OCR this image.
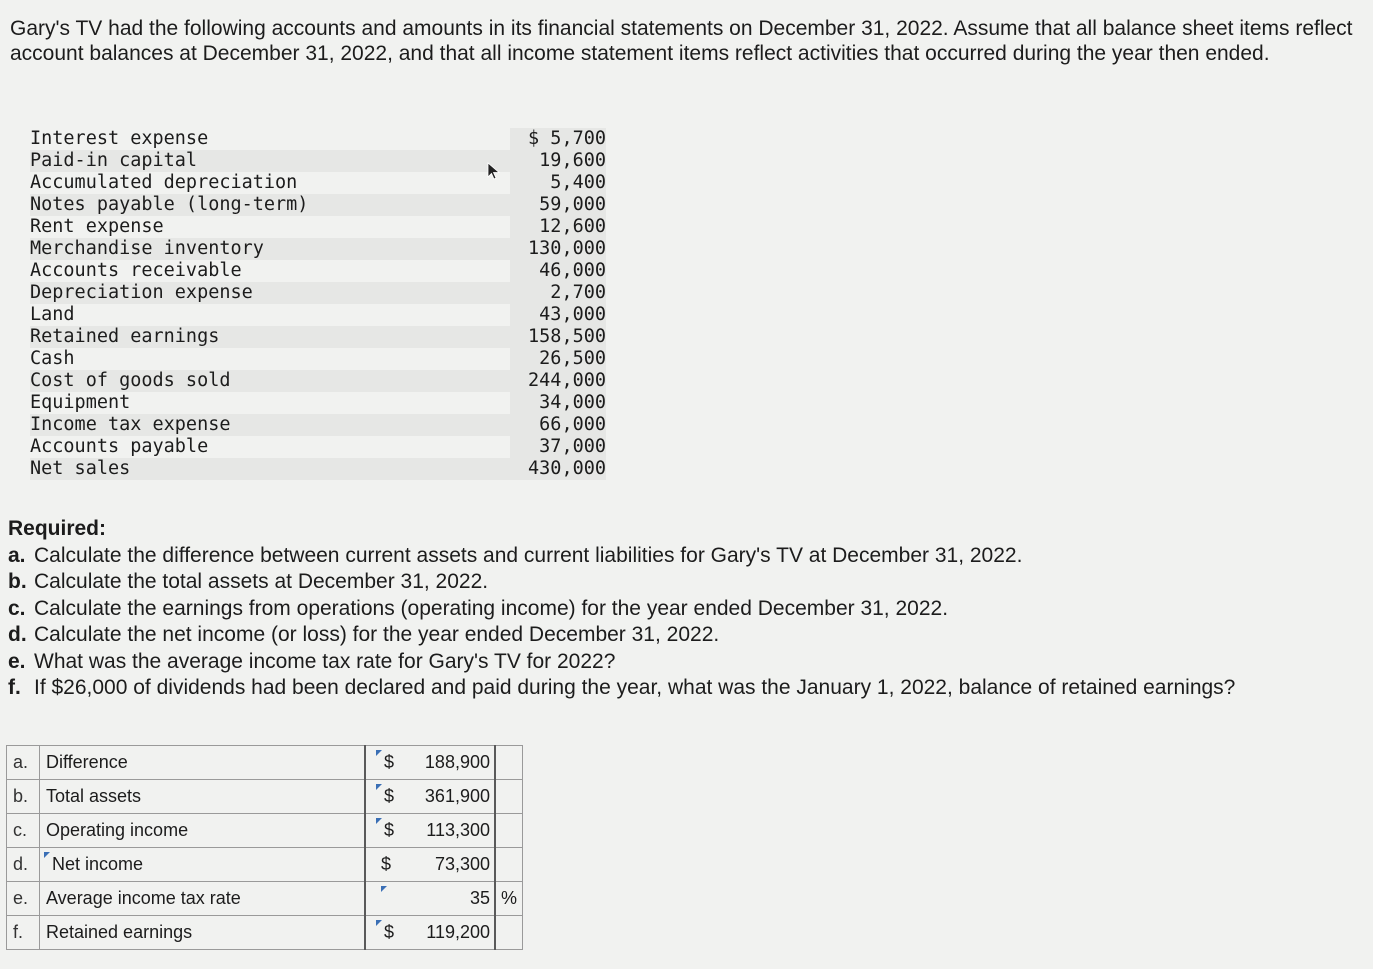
Gary's TV had the following accounts and amounts in its financial statements on December 31, 2022. Assume that all balance sheet items reflect account balances at December 31, 2022, and that all income statement items reflect activities that occurred during the year then ended.

Interest expense	$ 5,700
Paid-in capital	19,600
Accumulated depreciation	5,400
Notes payable (long-term)	59,000
Rent expense	12,600
Merchandise inventory	130,000
Accounts receivable	46,000
Depreciation expense	2,700
Land	43,000
Retained earnings	158,500
Cash	26,500
Cost of goods sold	244,000
Equipment	34,000
Income tax expense	66,000
Accounts payable	37,000
Net sales	430,000
Required:
a. Calculate the difference between current assets and current liabilities for Gary's TV at December 31, 2022.
b. Calculate the total assets at December 31, 2022.
c. Calculate the earnings from operations (operating income) for the year ended December 31, 2022.
d. Calculate the net income (or loss) for the year ended December 31, 2022.
e. What was the average income tax rate for Gary's TV for 2022?
f. If $26,000 of dividends had been declared and paid during the year, what was the January 1, 2022, balance of retained earnings?
a.	Difference	$	188,900	
b.	Total assets	$	361,900	
c.	Operating income	$	113,300	
d.	Net income	$	73,300	
e.	Average income tax rate		35	%
f.	Retained earnings	$	119,200	
